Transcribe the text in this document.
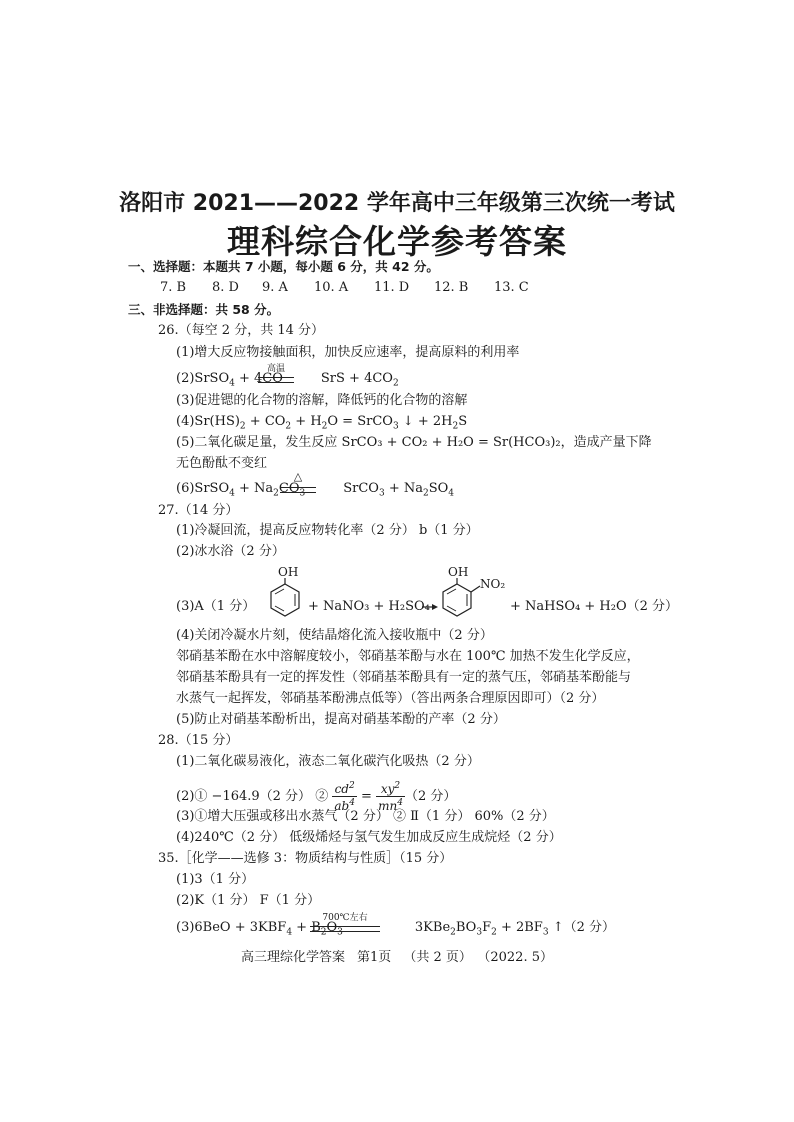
洛阳市 2021——2022 学年高中三年级第三次统一考试
理科综合化学参考答案
一、选择题：本题共 7 小题，每小题 6 分，共 42 分。
7. B 8. D 9. A 10. A 11. D 12. B 13. C
三、非选择题：共 58 分。
26.（每空 2 分，共 14 分）
(1)增大反应物接触面积，加快反应速率，提高原料的利用率
(2)SrSO$_4$ + 4CO	SrS + $4CO_2$
高温
(3)促进锶的化合物的溶解，降低钙的化合物的溶解
$(4)Sr(HS)_2 + CO_2 + H_2O$ = SrCO$_3$ ↓ + $2H_2S$
(5)二氧化碳足量，发生反应 SrCO₃ + CO₂ + H₂O = Sr(HCO₃)₂，造成产量下降
无色酚酞不变红
(6)SrSO$_4$ + $Na_2CO_3$	SrCO$_3$ + $Na_2SO_4$
△
27.（14 分）
(1)冷凝回流，提高反应物转化率（2 分） b（1 分）
(2)冰水浴（2 分）
(3)A（1 分）
OH
+ NaNO₃ + H₂SO₄
OH
NO₂
+ NaHSO₄ + H₂O（2 分）
(4)关闭冷凝水片刻，使结晶熔化流入接收瓶中（2 分）
邻硝基苯酚在水中溶解度较小，邻硝基苯酚与水在 100℃ 加热不发生化学反应，
邻硝基苯酚具有一定的挥发性（邻硝基苯酚具有一定的蒸气压，邻硝基苯酚能与
水蒸气一起挥发，邻硝基苯酚沸点低等）（答出两条合理原因即可）（2 分）
(5)防止对硝基苯酚析出，提高对硝基苯酚的产率（2 分）
28.（15 分）
(1)二氧化碳易液化，液态二氧化碳汽化吸热（2 分）
(2)① −164.9（2 分） ② $\frac{cd^2}{ab^4} = \frac{xy^2}{mn^4} (2$ 分）
(3)①增大压强或移出水蒸气（2 分） ② Ⅱ（1 分） 60%（2 分）
(4)240℃（2 分） 低级烯烃与氢气发生加成反应生成烷烃（2 分）
35.［化学——选修 3：物质结构与性质］（15 分）
(1)3（1 分）
(2)K（1 分） F（1 分）
$(3)6BeO + 3KBF_4 + B_2O_3$	$3KBe_2BO_3F_2 + 2BF_3$ ↑（2 分）
700℃左右
高三理综化学答案 第1页 （共 2 页） （2022. 5）
